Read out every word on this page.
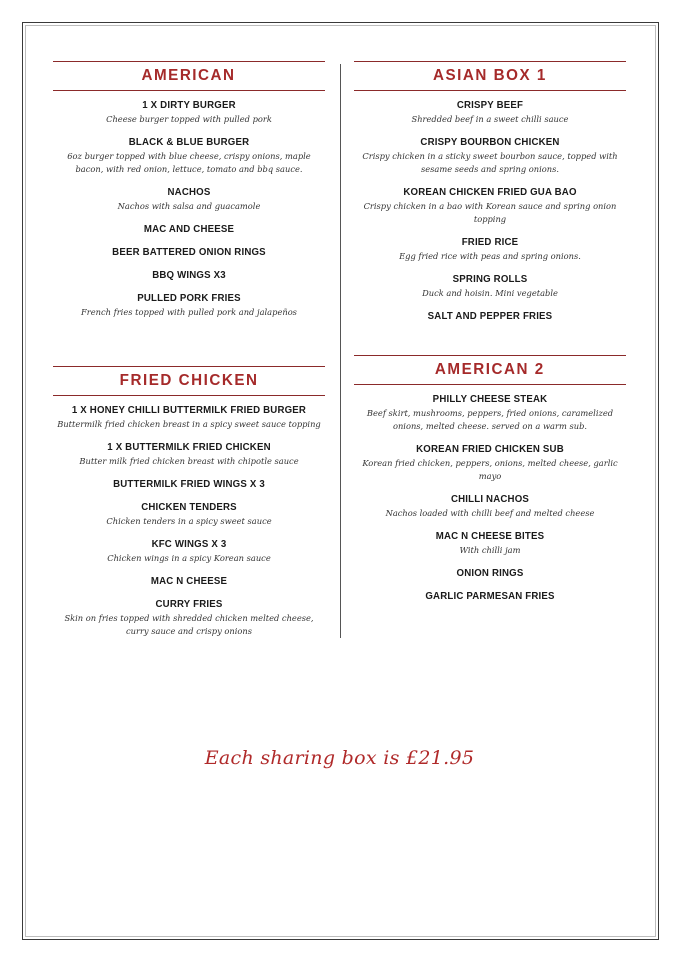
AMERICAN
1 X DIRTY BURGER
Cheese burger topped with pulled pork
BLACK & BLUE BURGER
6oz burger topped with blue cheese, crispy onions, maple bacon, with red onion, lettuce, tomato and bbq sauce.
NACHOS
Nachos with salsa and guacamole
MAC AND CHEESE
BEER BATTERED ONION RINGS
BBQ WINGS X3
PULLED PORK FRIES
French fries topped with pulled pork and jalapeños
FRIED CHICKEN
1 X HONEY CHILLI BUTTERMILK FRIED BURGER
Buttermilk fried chicken breast in a spicy sweet sauce topping
1 X BUTTERMILK FRIED CHICKEN
Butter milk fried chicken breast with chipotle sauce
BUTTERMILK FRIED WINGS X 3
CHICKEN TENDERS
Chicken tenders in a spicy sweet sauce
KFC WINGS X 3
Chicken wings in a spicy Korean sauce
MAC N CHEESE
CURRY FRIES
Skin on fries topped with shredded chicken melted cheese, curry sauce and crispy onions
ASIAN BOX 1
CRISPY BEEF
Shredded beef in a sweet chilli sauce
CRISPY BOURBON CHICKEN
Crispy chicken in a sticky sweet bourbon sauce, topped with sesame seeds and spring onions.
KOREAN CHICKEN FRIED GUA BAO
Crispy chicken in a bao with Korean sauce and spring onion topping
FRIED RICE
Egg fried rice with peas and spring onions.
SPRING ROLLS
Duck and hoisin. Mini vegetable
SALT AND PEPPER FRIES
AMERICAN 2
PHILLY CHEESE STEAK
Beef skirt, mushrooms, peppers, fried onions, caramelized onions, melted cheese. served on a warm sub.
KOREAN FRIED CHICKEN SUB
Korean fried chicken, peppers, onions, melted cheese, garlic mayo
CHILLI NACHOS
Nachos loaded with chilli beef and melted cheese
MAC N CHEESE BITES
With chilli jam
ONION RINGS
GARLIC PARMESAN FRIES
Each sharing box is £21.95
